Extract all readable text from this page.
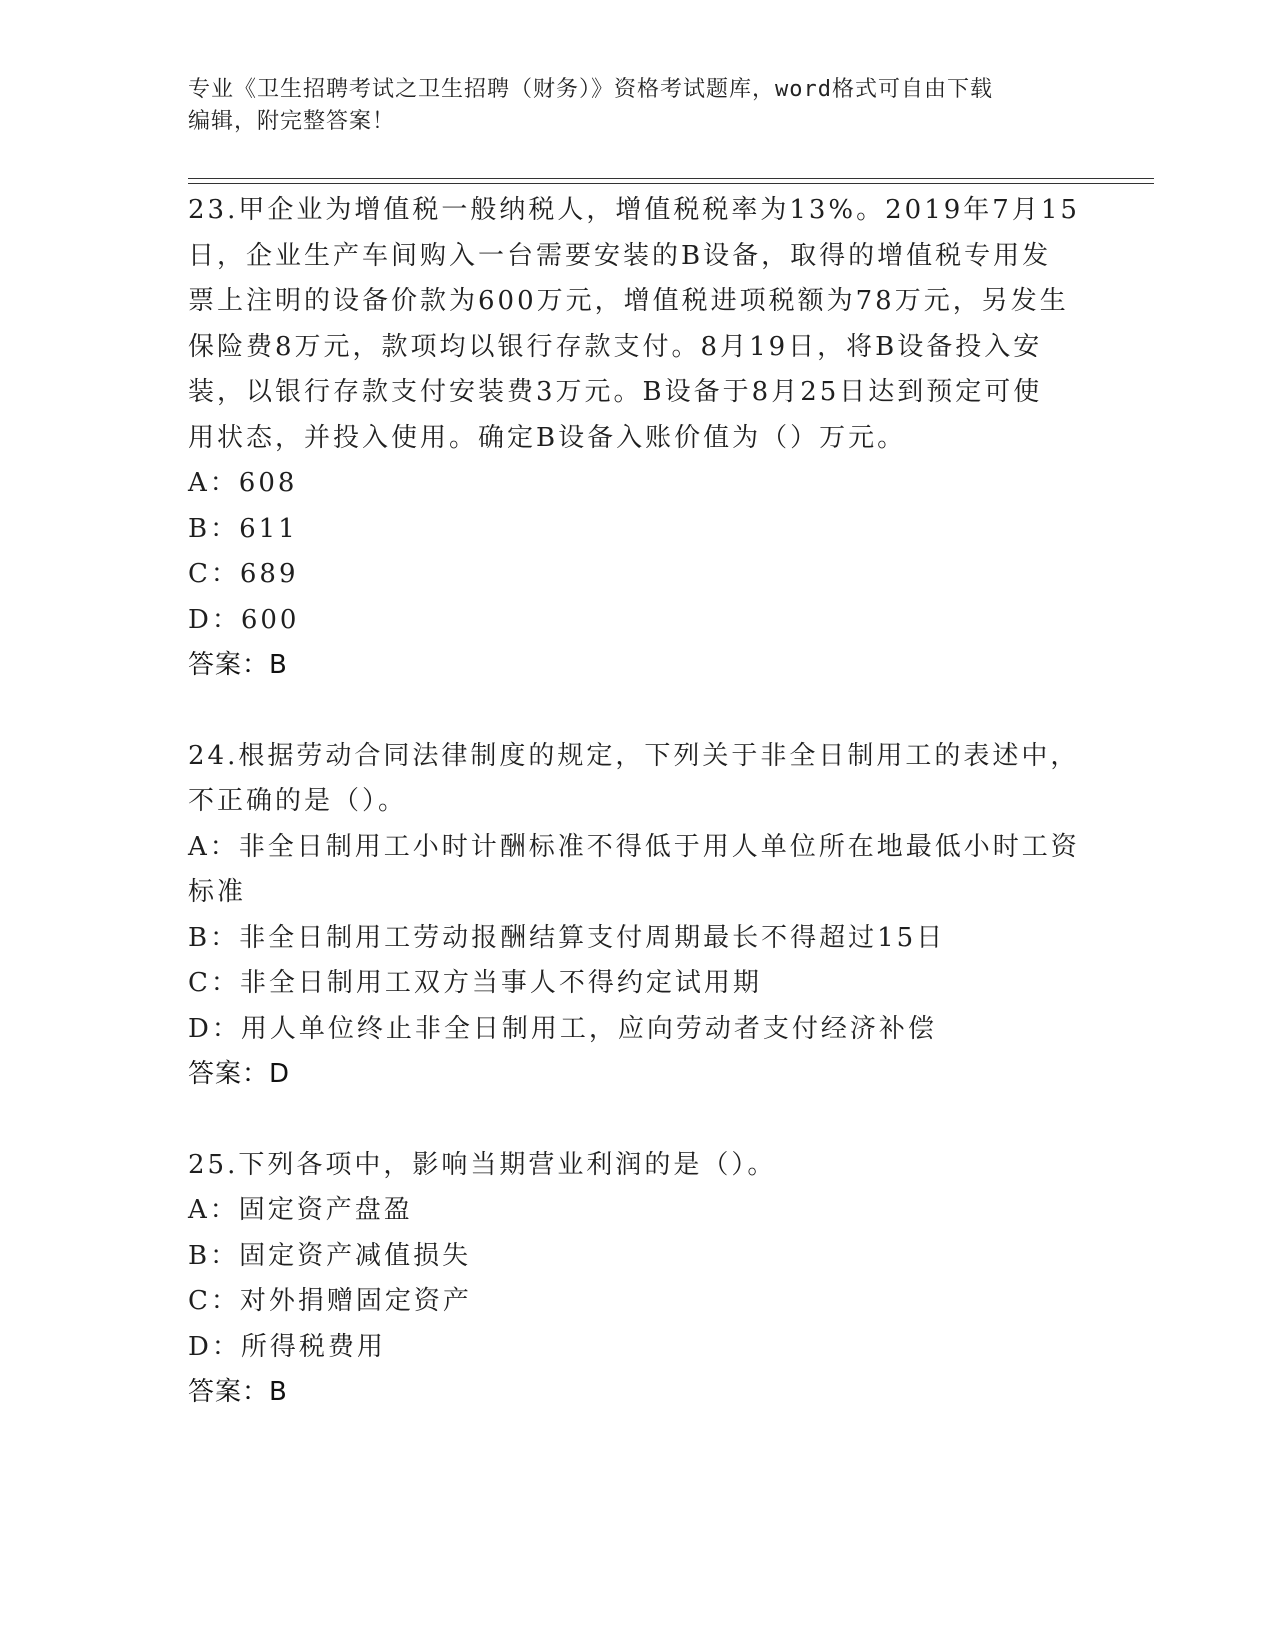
专业《卫生招聘考试之卫生招聘（财务）》资格考试题库，word格式可自由下载
编辑，附完整答案！
23.甲企业为增值税一般纳税人，增值税税率为13%。2019年7月15
日，企业生产车间购入一台需要安装的B设备，取得的增值税专用发
票上注明的设备价款为600万元，增值税进项税额为78万元，另发生
保险费8万元，款项均以银行存款支付。8月19日，将B设备投入安
装，以银行存款支付安装费3万元。B设备于8月25日达到预定可使
用状态，并投入使用。确定B设备入账价值为（）万元。
A：608
B：611
C：689
D：600
答案：B
24.根据劳动合同法律制度的规定，下列关于非全日制用工的表述中，
不正确的是（）。
A：非全日制用工小时计酬标准不得低于用人单位所在地最低小时工资
标准
B：非全日制用工劳动报酬结算支付周期最长不得超过15日
C：非全日制用工双方当事人不得约定试用期
D：用人单位终止非全日制用工，应向劳动者支付经济补偿
答案：D
25.下列各项中，影响当期营业利润的是（）。
A：固定资产盘盈
B：固定资产减值损失
C：对外捐赠固定资产
D：所得税费用
答案：B
